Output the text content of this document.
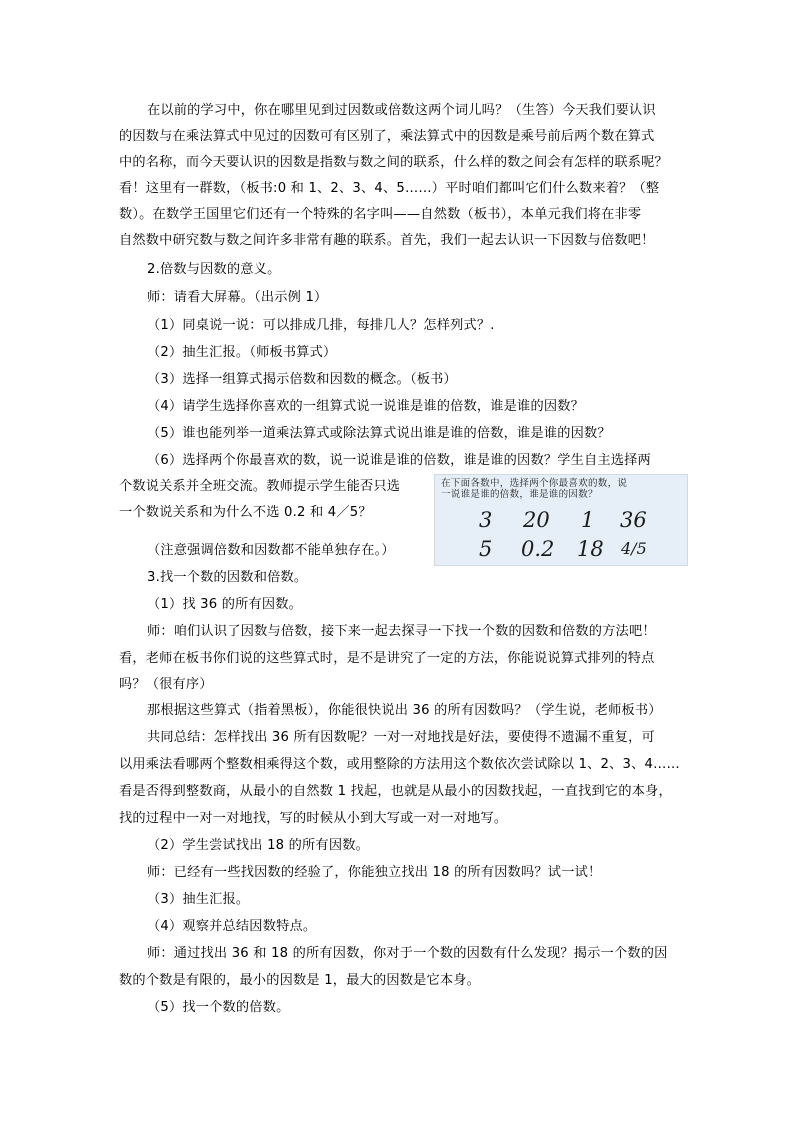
在以前的学习中，你在哪里见到过因数或倍数这两个词儿吗？（生答）今天我们要认识
的因数与在乘法算式中见过的因数可有区别了，乘法算式中的因数是乘号前后两个数在算式
中的名称，而今天要认识的因数是指数与数之间的联系，什么样的数之间会有怎样的联系呢？
看！这里有一群数，（板书:0 和 1、2、3、4、5……）平时咱们都叫它们什么数来着？（整
数）。在数学王国里它们还有一个特殊的名字叫——自然数（板书），本单元我们将在非零
自然数中研究数与数之间许多非常有趣的联系。首先，我们一起去认识一下因数与倍数吧！
2.倍数与因数的意义。
师：请看大屏幕。（出示例 1）
（1）同桌说一说：可以排成几排，每排几人？怎样列式？.
（2）抽生汇报。（师板书算式）
（3）选择一组算式揭示倍数和因数的概念。（板书）
（4）请学生选择你喜欢的一组算式说一说谁是谁的倍数，谁是谁的因数？
（5）谁也能列举一道乘法算式或除法算式说出谁是谁的倍数，谁是谁的因数？
（6）选择两个你最喜欢的数，说一说谁是谁的倍数，谁是谁的因数？学生自主选择两
个数说关系并全班交流。教师提示学生能否只选
一个数说关系和为什么不选 0.2 和 4／5？
在下面各数中，选择两个你最喜欢的数，说
一说谁是谁的倍数，谁是谁的因数？
3 20 1 36
5 0.2 18 4/5
（注意强调倍数和因数都不能单独存在。）
3.找一个数的因数和倍数。
（1）找 36 的所有因数。
师：咱们认识了因数与倍数，接下来一起去探寻一下找一个数的因数和倍数的方法吧！
看，老师在板书你们说的这些算式时，是不是讲究了一定的方法，你能说说算式排列的特点
吗？（很有序）
那根据这些算式（指着黑板），你能很快说出 36 的所有因数吗？（学生说，老师板书）
共同总结：怎样找出 36 所有因数呢？一对一对地找是好法，要使得不遗漏不重复，可
以用乘法看哪两个整数相乘得这个数，或用整除的方法用这个数依次尝试除以 1、2、3、4……
看是否得到整数商，从最小的自然数 1 找起，也就是从最小的因数找起，一直找到它的本身，
找的过程中一对一对地找，写的时候从小到大写或一对一对地写。
（2）学生尝试找出 18 的所有因数。
师：已经有一些找因数的经验了，你能独立找出 18 的所有因数吗？试一试！
（3）抽生汇报。
（4）观察并总结因数特点。
师：通过找出 36 和 18 的所有因数，你对于一个数的因数有什么发现？揭示一个数的因
数的个数是有限的，最小的因数是 1，最大的因数是它本身。
（5）找一个数的倍数。
